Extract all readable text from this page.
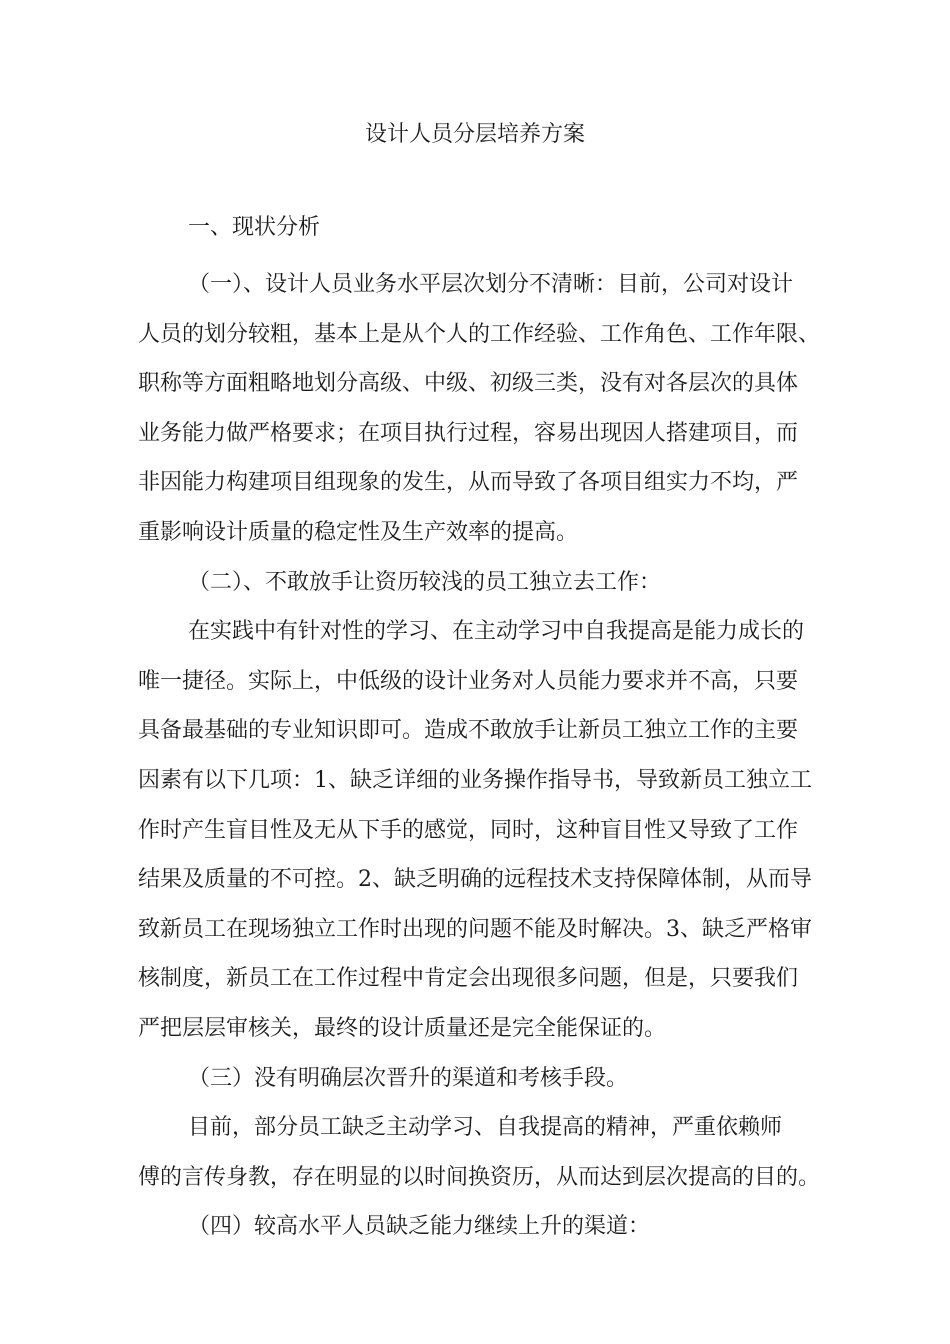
设计人员分层培养方案
一、现状分析

（一）、设计人员业务水平层次划分不清晰：目前，公司对设计
人员的划分较粗，基本上是从个人的工作经验、工作角色、工作年限、
职称等方面粗略地划分高级、中级、初级三类，没有对各层次的具体
业务能力做严格要求；在项目执行过程，容易出现因人搭建项目，而
非因能力构建项目组现象的发生，从而导致了各项目组实力不均，严
重影响设计质量的稳定性及生产效率的提高。

（二）、不敢放手让资历较浅的员工独立去工作：

在实践中有针对性的学习、在主动学习中自我提高是能力成长的
唯一捷径。实际上，中低级的设计业务对人员能力要求并不高，只要
具备最基础的专业知识即可。造成不敢放手让新员工独立工作的主要
因素有以下几项：1、缺乏详细的业务操作指导书，导致新员工独立工
作时产生盲目性及无从下手的感觉，同时，这种盲目性又导致了工作
结果及质量的不可控。2、缺乏明确的远程技术支持保障体制，从而导
致新员工在现场独立工作时出现的问题不能及时解决。3、缺乏严格审
核制度，新员工在工作过程中肯定会出现很多问题，但是，只要我们
严把层层审核关，最终的设计质量还是完全能保证的。

（三）没有明确层次晋升的渠道和考核手段。

目前，部分员工缺乏主动学习、自我提高的精神，严重依赖师
傅的言传身教，存在明显的以时间换资历，从而达到层次提高的目的。

（四）较高水平人员缺乏能力继续上升的渠道：
